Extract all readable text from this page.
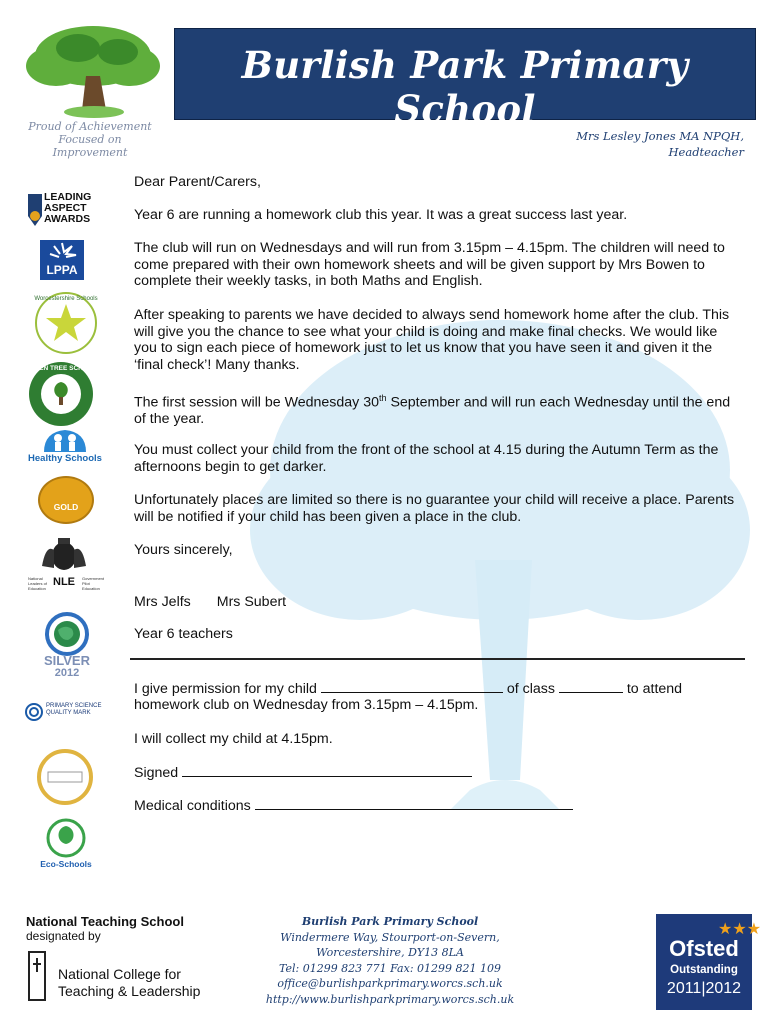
Burlish Park Primary School
Proud of Achievement
Focused on
Improvement
Mrs Lesley Jones MA NPQH,
Headteacher
Dear Parent/Carers,
Year 6 are running a homework club this year. It was a great success last year.
The club will run on Wednesdays and will run from 3.15pm – 4.15pm. The children will need to come prepared with their own homework sheets and will be given support by Mrs Bowen to complete their weekly tasks, in both Maths and English.
After speaking to parents we have decided to always send homework home after the club. This will give you the chance to see what your child is doing and make final checks. We would like you to sign each piece of homework just to let us know that you have seen it and given it the ‘final check’! Many thanks.
The first session will be Wednesday 30th September and will run each Wednesday until the end of the year.
You must collect your child from the front of the school at 4.15 during the Autumn Term as the afternoons begin to get darker.
Unfortunately places are limited so there is no guarantee your child will receive a place. Parents will be notified if your child has been given a place in the club.
Yours sincerely,
Mrs Jelfs Mrs Subert
Year 6 teachers
I give permission for my child	of class	to attend
homework club on Wednesday from 3.15pm – 4.15pm.
I will collect my child at 4.15pm.
Signed
Medical conditions
LEADING
ASPECT
AWARDS
LPPA
Worcestershire Schools
GREEN TREE SCHOOL
Healthy Schools
GOLD
National
Leaders of
Education
NLE	Government
Pilot
Education
SILVER
2012
PRIMARY SCIENCE
QUALITY MARK
Eco-Schools
National Teaching School
designated by
National College for
Teaching & Leadership
Burlish Park Primary School
Windermere Way, Stourport-on-Severn,
Worcestershire, DY13 8LA
Tel: 01299 823 771 Fax: 01299 821 109
office@burlishparkprimary.worcs.sch.uk
http://www.burlishparkprimary.worcs.sch.uk
★★★
Ofsted
Outstanding
2011|2012
